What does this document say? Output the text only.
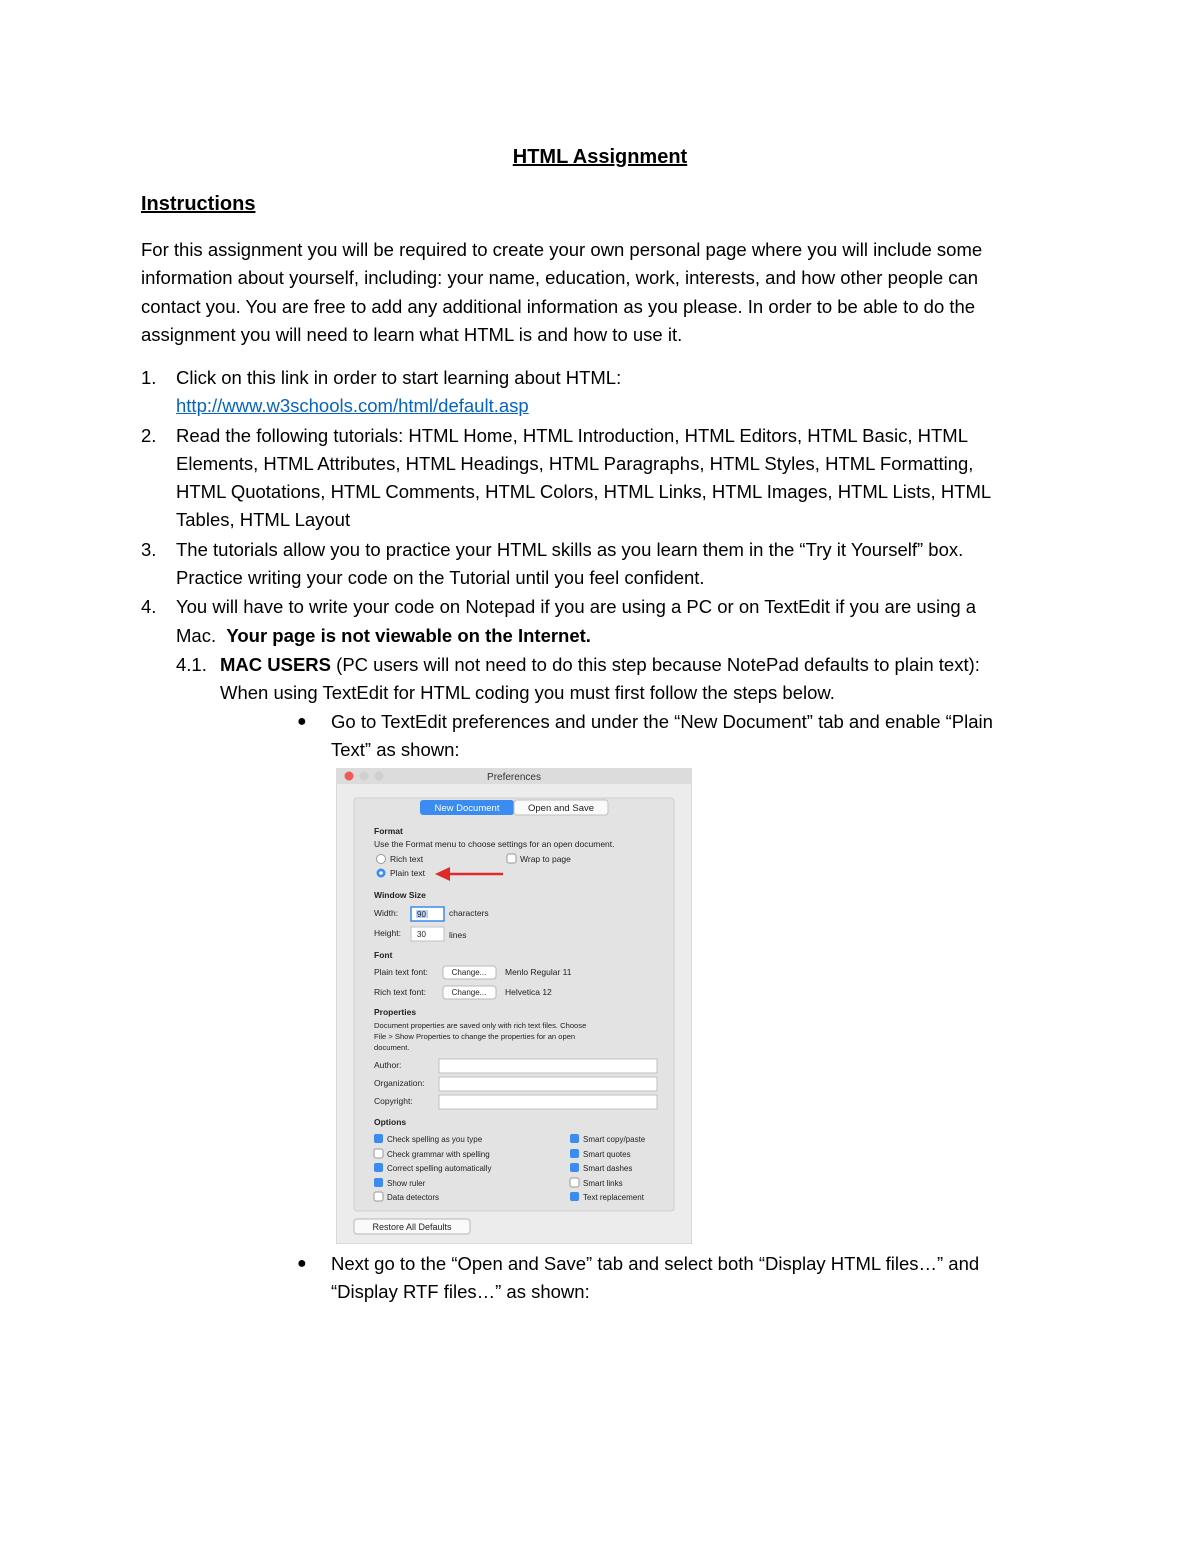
HTML Assignment
Instructions

For this assignment you will be required to create your own personal page where you will include some

information about yourself, including: your name, education, work, interests, and how other people can

contact you. You are free to add any additional information as you please. In order to be able to do the

assignment you will need to learn what HTML is and how to use it.

1. Click on this link in order to start learning about HTML:
http://www.w3schools.com/html/default.asp
2. Read the following tutorials: HTML Home, HTML Introduction, HTML Editors, HTML Basic, HTML
Elements, HTML Attributes, HTML Headings, HTML Paragraphs, HTML Styles, HTML Formatting,
HTML Quotations, HTML Comments, HTML Colors, HTML Links, HTML Images, HTML Lists, HTML
Tables, HTML Layout
3. The tutorials allow you to practice your HTML skills as you learn them in the “Try it Yourself” box.
Practice writing your code on the Tutorial until you feel confident.
4. You will have to write your code on Notepad if you are using a PC or on TextEdit if you are using a
Mac.  Your page is not viewable on the Internet.
4.1. MAC USERS (PC users will not need to do this step because NotePad defaults to plain text):
When using TextEdit for HTML coding you must first follow the steps below.
● Go to TextEdit preferences and under the “New Document” tab and enable “Plain
Text” as shown:
Preferences
New Document	Open and Save
Format
Use the Format menu to choose settings for an open document.
Rich text	Wrap to page
Plain text
Window Size
Width: 90	characters
Height: 30	lines
Font
Plain text font:	Change... Menlo Regular 11
Rich text font:	Change... Helvetica 12
Properties
Document properties are saved only with rich text files. Choose
File > Show Properties to change the properties for an open
document.
Author:
Organization:
Copyright:
Options
Check spelling as you type
Check grammar with spelling
Correct spelling automatically
Show ruler
Data detectors
Smart copy/paste
Smart quotes
Smart dashes
Smart links
Text replacement
Restore All Defaults
● Next go to the “Open and Save” tab and select both “Display HTML files…” and
“Display RTF files…” as shown:
